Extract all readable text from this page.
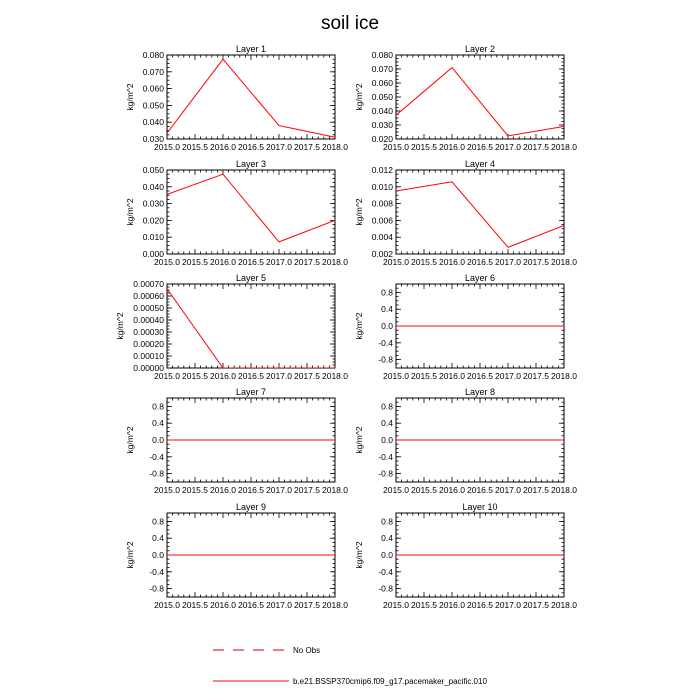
soil ice
Layer 1
2015.0 2015.5 2016.0 2016.5 2017.0 2017.5 2018.0
0.030
0.040
0.050
0.060
0.070
0.080
kg/m^2
Layer 2
2015.0 2015.5 2016.0 2016.5 2017.0 2017.5 2018.0
0.020
0.030
0.040
0.050
0.060
0.070
0.080
kg/m^2
Layer 3
2015.0 2015.5 2016.0 2016.5 2017.0 2017.5 2018.0
0.000
0.010
0.020
0.030
0.040
0.050
kg/m^2
Layer 4
2015.0 2015.5 2016.0 2016.5 2017.0 2017.5 2018.0
0.002
0.004
0.006
0.008
0.010
0.012
kg/m^2
Layer 5
2015.0 2015.5 2016.0 2016.5 2017.0 2017.5 2018.0
0.00000
0.00010
0.00020
0.00030
0.00040
0.00050
0.00060
0.00070
kg/m^2
Layer 6
2015.0 2015.5 2016.0 2016.5 2017.0 2017.5 2018.0
-0.8
-0.4
0.0
0.4
0.8
kg/m^2
Layer 7
2015.0 2015.5 2016.0 2016.5 2017.0 2017.5 2018.0
-0.8
-0.4
0.0
0.4
0.8
kg/m^2
Layer 8
2015.0 2015.5 2016.0 2016.5 2017.0 2017.5 2018.0
-0.8
-0.4
0.0
0.4
0.8
kg/m^2
Layer 9
2015.0 2015.5 2016.0 2016.5 2017.0 2017.5 2018.0
-0.8
-0.4
0.0
0.4
0.8
kg/m^2
Layer 10
2015.0 2015.5 2016.0 2016.5 2017.0 2017.5 2018.0
-0.8
-0.4
0.0
0.4
0.8
kg/m^2
No Obs
b.e21.BSSP370cmip6.f09_g17.pacemaker_pacific.010
